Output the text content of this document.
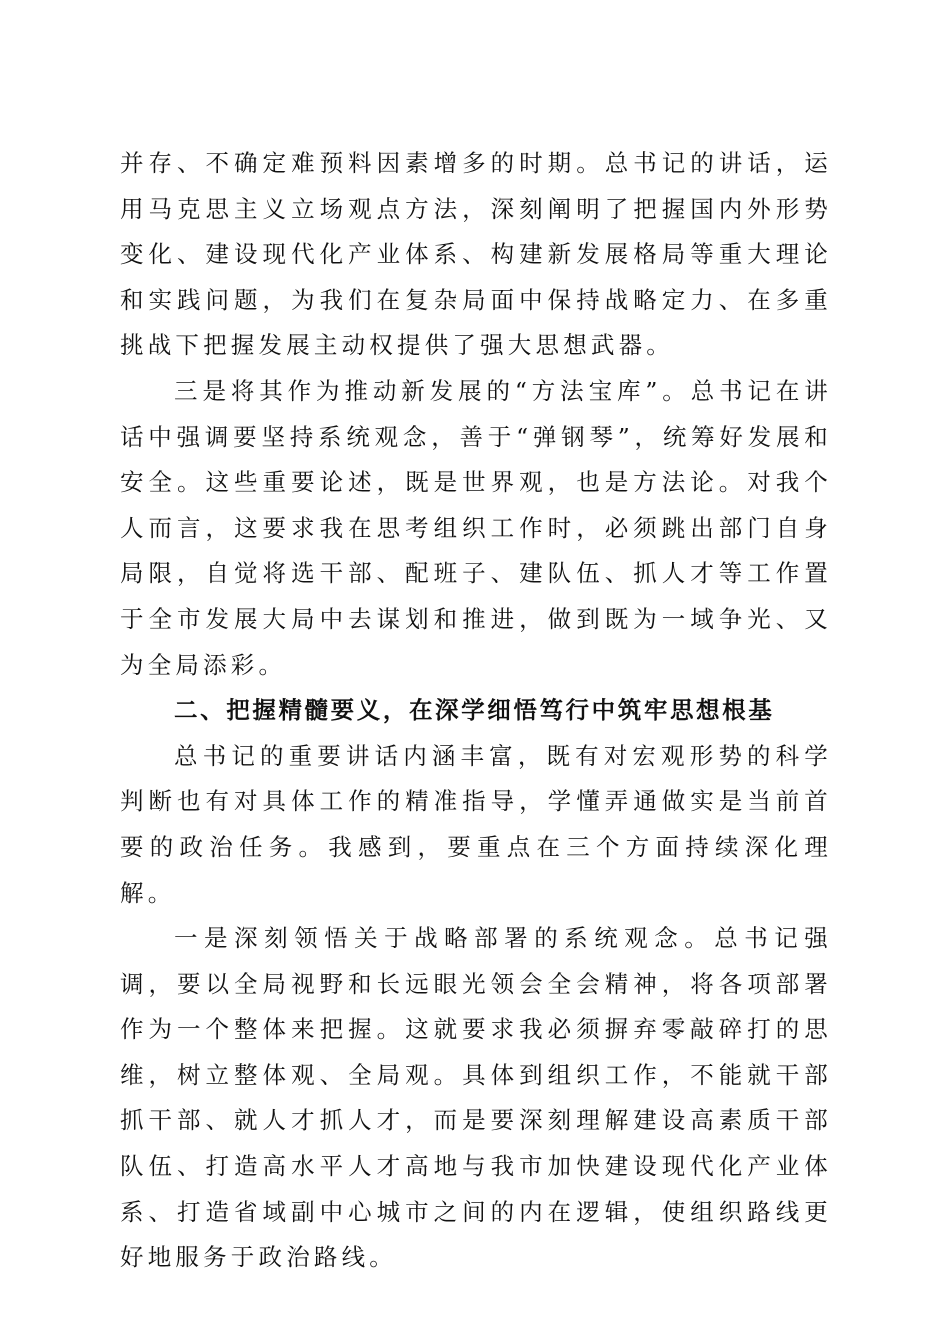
并存、不确定难预料因素增多的时期。总书记的讲话，运用马克思主义立场观点方法，深刻阐明了把握国内外形势变化、建设现代化产业体系、构建新发展格局等重大理论和实践问题，为我们在复杂局面中保持战略定力、在多重挑战下把握发展主动权提供了强大思想武器。

三是将其作为推动新发展的“方法宝库”。总书记在讲话中强调要坚持系统观念，善于“弹钢琴”，统筹好发展和安全。这些重要论述，既是世界观，也是方法论。对我个人而言，这要求我在思考组织工作时，必须跳出部门自身局限，自觉将选干部、配班子、建队伍、抓人才等工作置于全市发展大局中去谋划和推进，做到既为一域争光、又为全局添彩。

二、把握精髓要义，在深学细悟笃行中筑牢思想根基

总书记的重要讲话内涵丰富，既有对宏观形势的科学判断也有对具体工作的精准指导，学懂弄通做实是当前首要的政治任务。我感到，要重点在三个方面持续深化理解。

一是深刻领悟关于战略部署的系统观念。总书记强调，要以全局视野和长远眼光领会全会精神，将各项部署作为一个整体来把握。这就要求我必须摒弃零敲碎打的思维，树立整体观、全局观。具体到组织工作，不能就干部抓干部、就人才抓人才，而是要深刻理解建设高素质干部队伍、打造高水平人才高地与我市加快建设现代化产业体系、打造省域副中心城市之间的内在逻辑，使组织路线更好地服务于政治路线。
